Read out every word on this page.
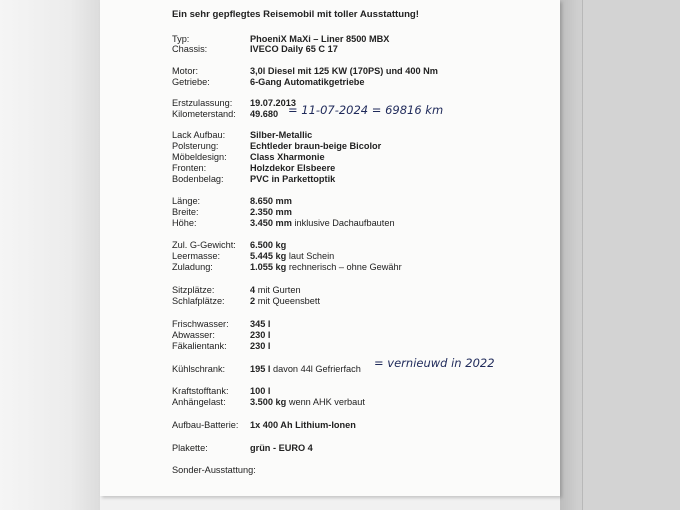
Ein sehr gepflegtes Reisemobil mit toller Ausstattung!
Typ:	PhoeniX MaXi – Liner 8500 MBX
Chassis:	IVECO Daily 65 C 17
Motor:	3,0l Diesel mit 125 KW (170PS) und 400 Nm
Getriebe:	6-Gang Automatikgetriebe
Erstzulassung: 19.07.2013
Kilometerstand: 49.680 = 11-07-2024 = 69816 km
Lack Aufbau:	Silber-Metallic
Polsterung:	Echtleder braun-beige Bicolor
Möbeldesign:	Class Xharmonie
Fronten:	Holzdekor Elsbeere
Bodenbelag:	PVC in Parkettoptik
Länge:	8.650 mm
Breite:	2.350 mm
Höhe:	3.450 mm inklusive Dachaufbauten
Zul. G-Gewicht: 6.500 kg
Leermasse:	5.445 kg laut Schein
Zuladung:	1.055 kg rechnerisch – ohne Gewähr
Sitzplätze:	4 mit Gurten
Schlafplätze:	2 mit Queensbett
Frischwasser: 345 l
Abwasser:	230 l
Fäkalientank:	230 l
Kühlschrank:	195 l davon 44l Gefrierfach = vernieuwd in 2022
Kraftstofftank: 100 l
Anhängelast:	3.500 kg wenn AHK verbaut
Aufbau-Batterie: 1x 400 Ah Lithium-Ionen
Plakette:	grün - EURO 4
Sonder-Ausstattung:
